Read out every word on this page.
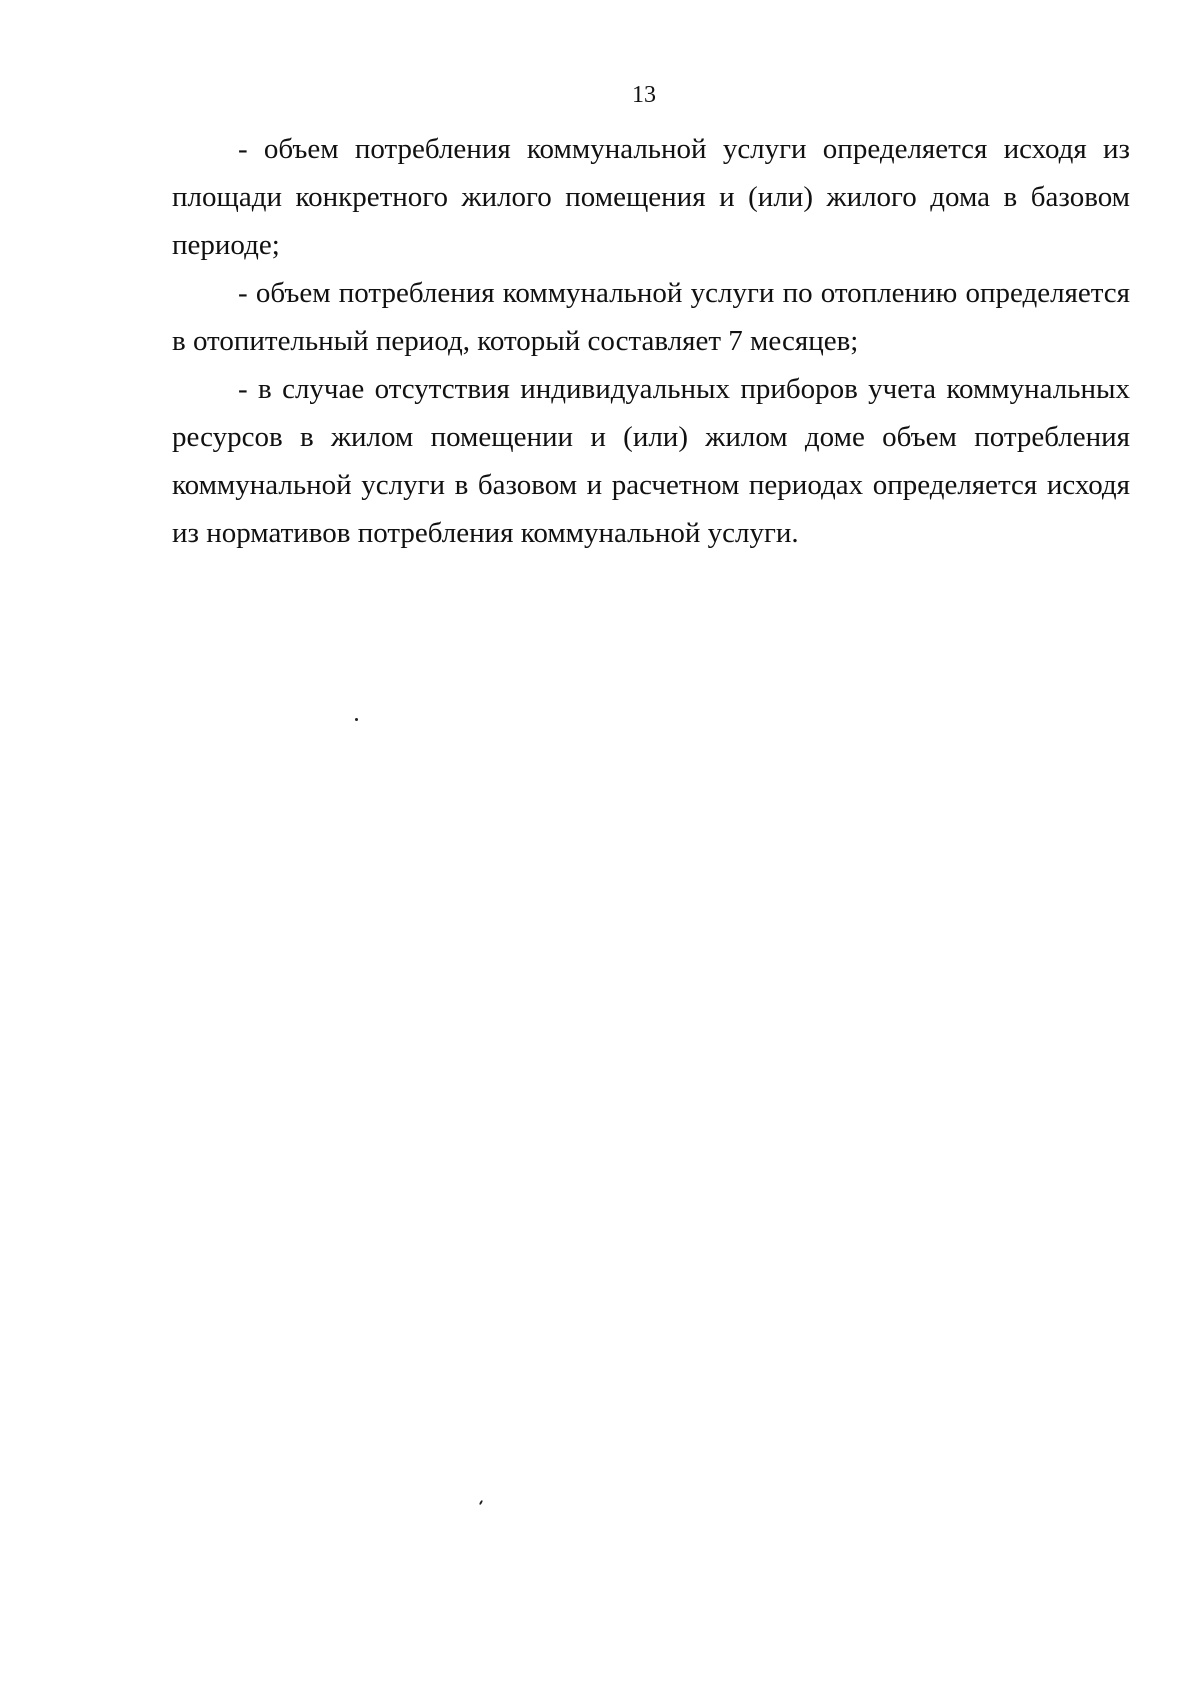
13

- объем потребления коммунальной услуги определяется исходя из площади конкретного жилого помещения и (или) жилого дома в базовом периоде;

- объем потребления коммунальной услуги по отоплению определяется в отопительный период, который составляет 7 месяцев;

- в случае отсутствия индивидуальных приборов учета коммунальных ресурсов в жилом помещении и (или) жилом доме объем потребления коммунальной услуги в базовом и расчетном периодах определяется исходя из нормативов потребления коммунальной услуги.
